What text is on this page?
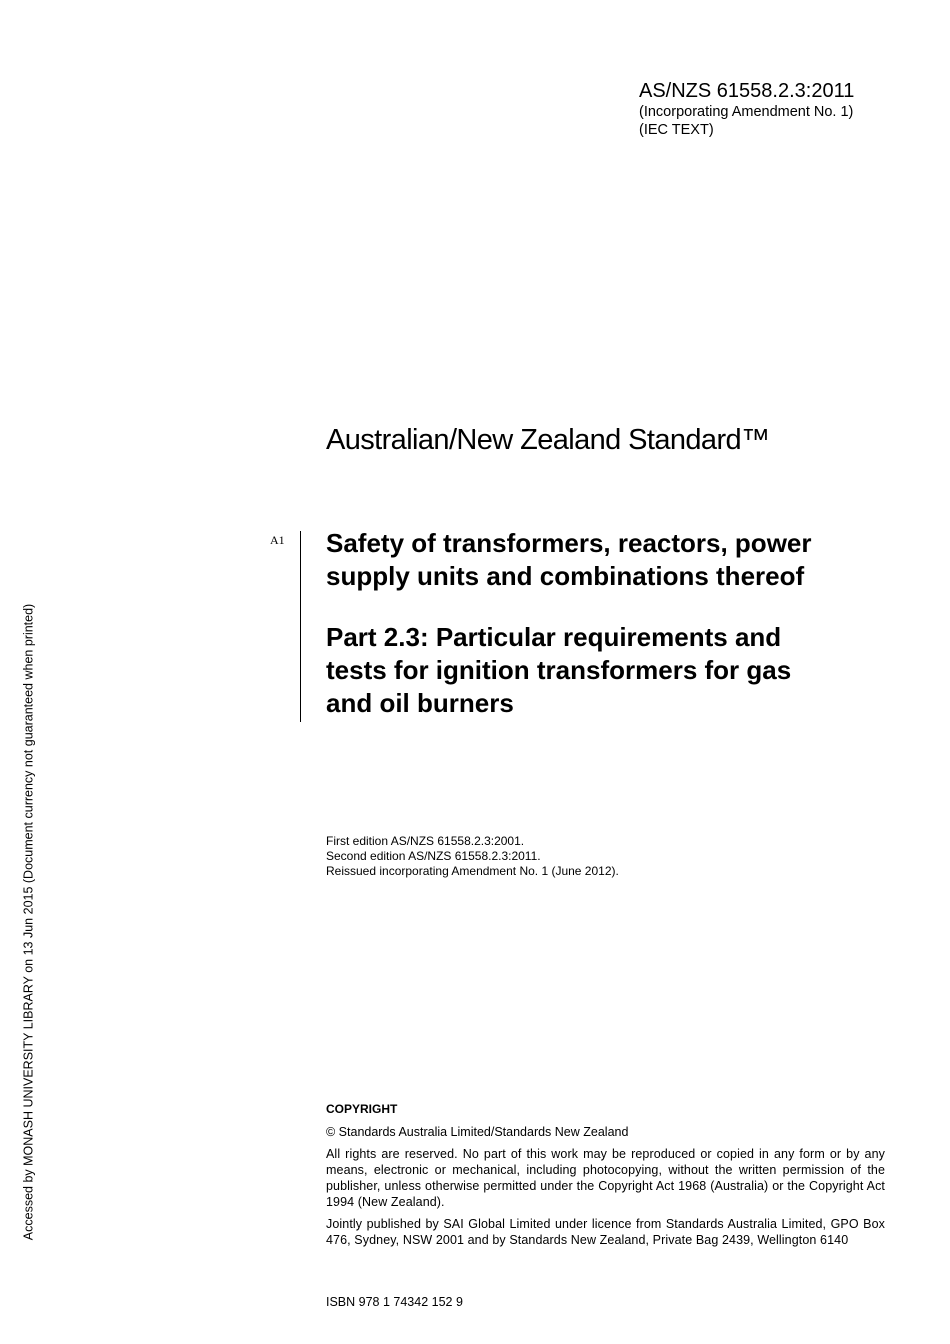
AS/NZS 61558.2.3:2011
(Incorporating Amendment No. 1)
(IEC TEXT)
Australian/New Zealand Standard™
A1 Safety of transformers, reactors, power
supply units and combinations thereof
Part 2.3: Particular requirements and
tests for ignition transformers for gas
and oil burners
First edition AS/NZS 61558.2.3:2001.
Second edition AS/NZS 61558.2.3:2011.
Reissued incorporating Amendment No. 1 (June 2012).
Accessed by MONASH UNIVERSITY LIBRARY on 13 Jun 2015 (Document currency not guaranteed when printed)	COPYRIGHT
© Standards Australia Limited/Standards New Zealand
All rights are reserved. No part of this work may be reproduced or copied in any form or by any means, electronic or mechanical, including photocopying, without the written permission of the publisher, unless otherwise permitted under the Copyright Act 1968 (Australia) or the Copyright Act 1994 (New Zealand).
Jointly published by SAI Global Limited under licence from Standards Australia Limited, GPO Box 476, Sydney, NSW 2001 and by Standards New Zealand, Private Bag 2439, Wellington 6140
ISBN 978 1 74342 152 9
